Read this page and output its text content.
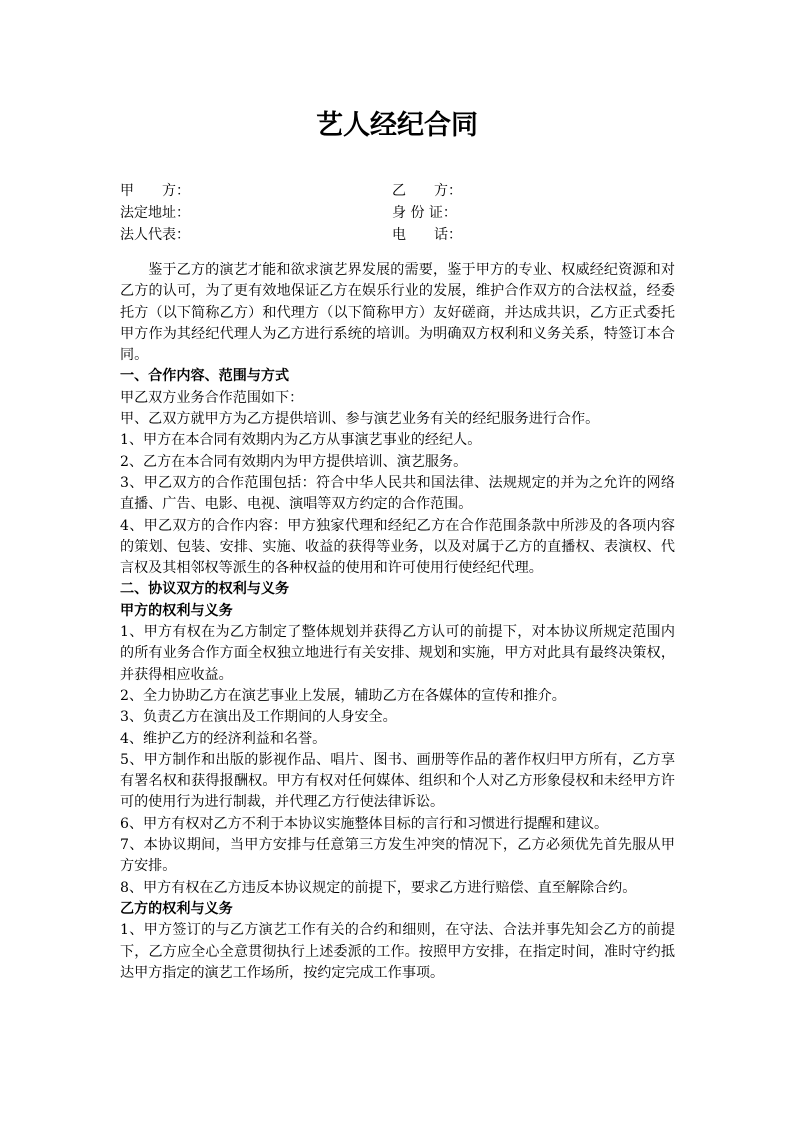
艺人经纪合同
甲　　方：	乙　　方：
法定地址：	身 份 证：
法人代表：	电　　话：

鉴于乙方的演艺才能和欲求演艺界发展的需要，鉴于甲方的专业、权威经纪资源和对乙方的认可，为了更有效地保证乙方在娱乐行业的发展，维护合作双方的合法权益，经委托方（以下简称乙方）和代理方（以下简称甲方）友好磋商，并达成共识，乙方正式委托甲方作为其经纪代理人为乙方进行系统的培训。为明确双方权利和义务关系，特签订本合同。

一、合作内容、范围与方式

甲乙双方业务合作范围如下：

甲、乙双方就甲方为乙方提供培训、参与演艺业务有关的经纪服务进行合作。

1、甲方在本合同有效期内为乙方从事演艺事业的经纪人。

2、乙方在本合同有效期内为甲方提供培训、演艺服务。

3、甲乙双方的合作范围包括：符合中华人民共和国法律、法规规定的并为之允许的网络直播、广告、电影、电视、演唱等双方约定的合作范围。

4、甲乙双方的合作内容：甲方独家代理和经纪乙方在合作范围条款中所涉及的各项内容的策划、包装、安排、实施、收益的获得等业务，以及对属于乙方的直播权、表演权、代言权及其相邻权等派生的各种权益的使用和许可使用行使经纪代理。

二、协议双方的权利与义务

甲方的权利与义务

1、甲方有权在为乙方制定了整体规划并获得乙方认可的前提下，对本协议所规定范围内的所有业务合作方面全权独立地进行有关安排、规划和实施，甲方对此具有最终决策权，并获得相应收益。

2、全力协助乙方在演艺事业上发展，辅助乙方在各媒体的宣传和推介。

3、负责乙方在演出及工作期间的人身安全。

4、维护乙方的经济利益和名誉。

5、甲方制作和出版的影视作品、唱片、图书、画册等作品的著作权归甲方所有，乙方享有署名权和获得报酬权。甲方有权对任何媒体、组织和个人对乙方形象侵权和未经甲方许可的使用行为进行制裁，并代理乙方行使法律诉讼。

6、甲方有权对乙方不利于本协议实施整体目标的言行和习惯进行提醒和建议。

7、本协议期间，当甲方安排与任意第三方发生冲突的情况下，乙方必须优先首先服从甲方安排。

8、甲方有权在乙方违反本协议规定的前提下，要求乙方进行赔偿、直至解除合约。

乙方的权利与义务

1、甲方签订的与乙方演艺工作有关的合约和细则，在守法、合法并事先知会乙方的前提下，乙方应全心全意贯彻执行上述委派的工作。按照甲方安排，在指定时间，准时守约抵达甲方指定的演艺工作场所，按约定完成工作事项。
